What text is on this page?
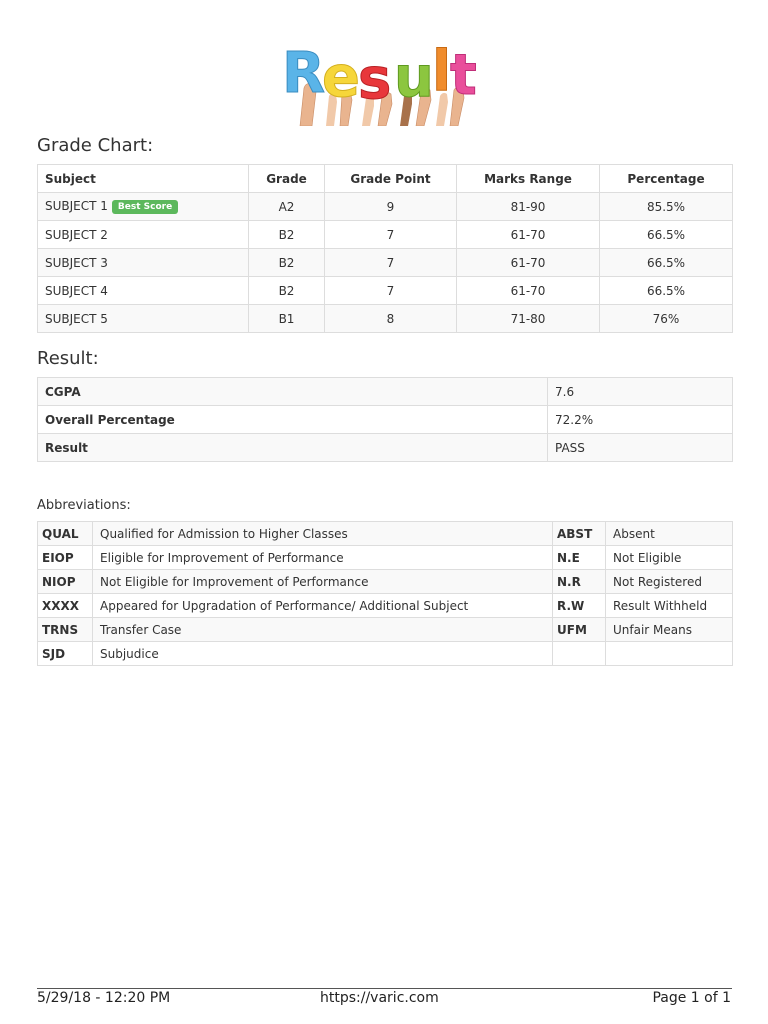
R
e
s u
l
t
Grade Chart:
Subject	Grade	Grade Point	Marks Range	Percentage
SUBJECT 1 Best Score	A2	9	81-90	85.5%
SUBJECT 2	B2	7	61-70	66.5%
SUBJECT 3	B2	7	61-70	66.5%
SUBJECT 4	B2	7	61-70	66.5%
SUBJECT 5	B1	8	71-80	76%
Result:
CGPA	7.6
Overall Percentage	72.2%
Result	PASS
Abbreviations:
QUAL	Qualified for Admission to Higher Classes	ABST	Absent
EIOP	Eligible for Improvement of Performance	N.E	Not Eligible
NIOP	Not Eligible for Improvement of Performance	N.R	Not Registered
XXXX	Appeared for Upgradation of Performance/ Additional Subject	R.W	Result Withheld
TRNS	Transfer Case	UFM	Unfair Means
SJD	Subjudice		
5/29/18 - 12:20 PM	https://varic.com	Page 1 of 1
